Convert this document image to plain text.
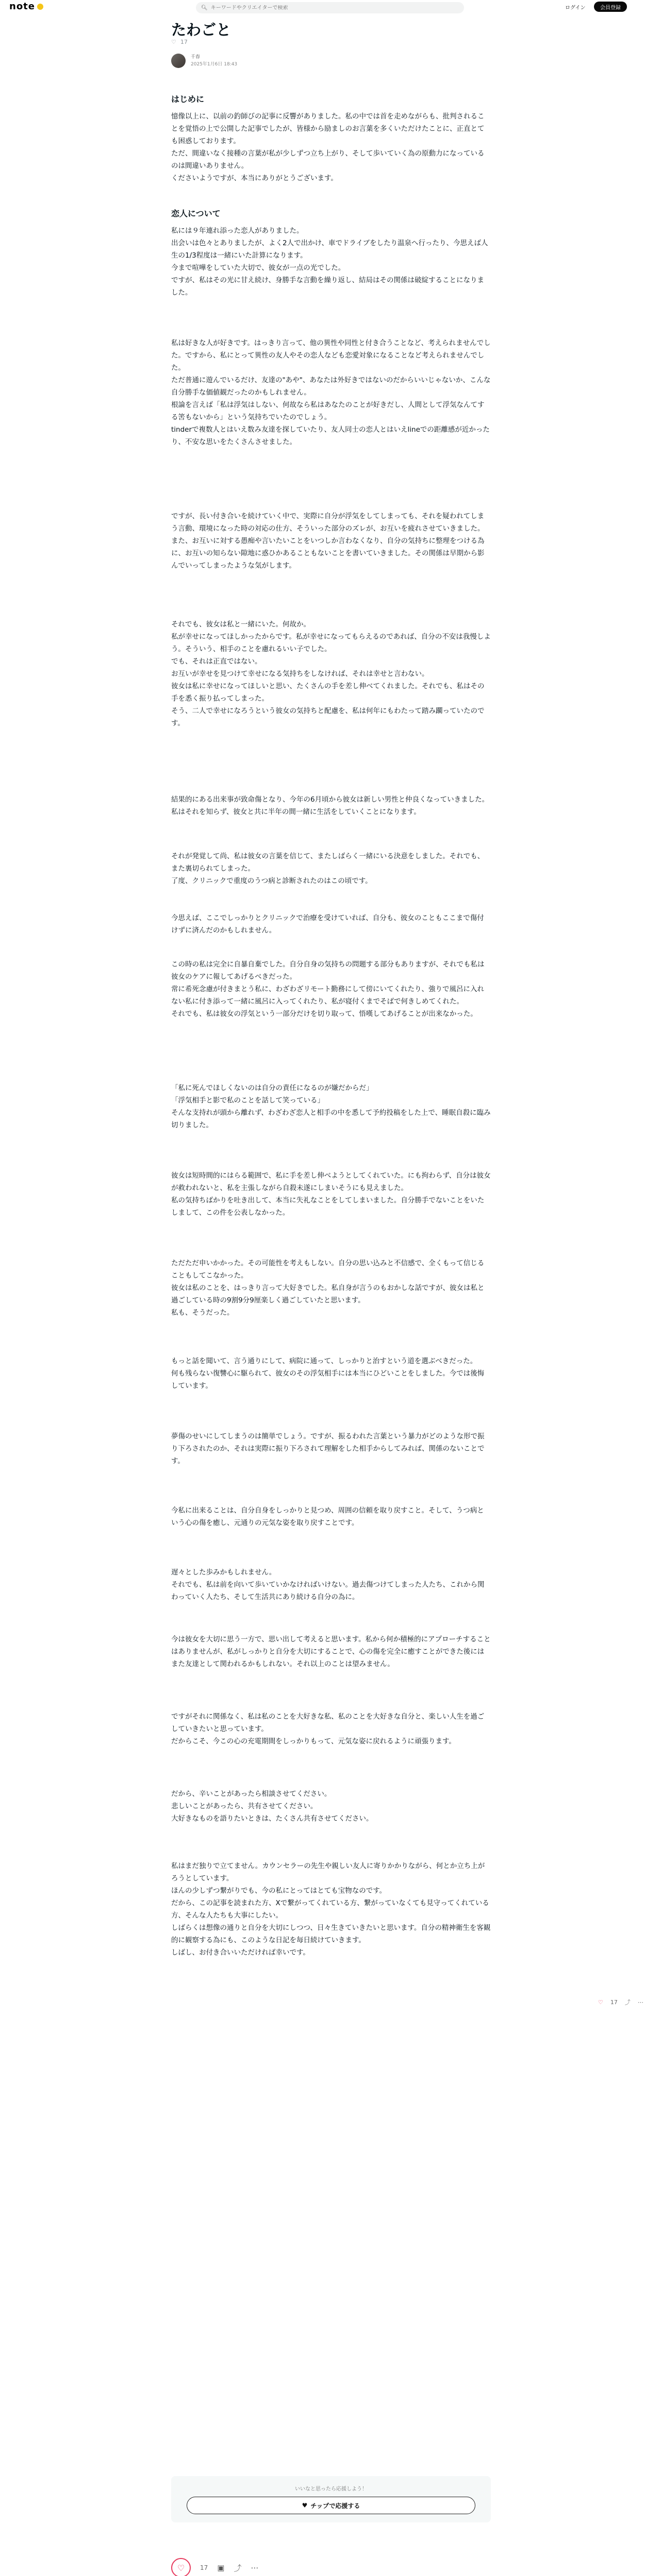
note	🔍︎
キーワードやクリエイターで検索	ログイン	会員登録
たわごと
♡ 17
千春
2025年1月6日 18:43
はじめに
憶像以上に、以前の釣師びの記事に反響がありました。私の中では首を走めながらも、批判されることを覚悟の上で公開した記事でしたが、皆様から励ましのお言葉を多くいただけたことに、正直とても困惑しております。
ただ、間違いなく接種の言葉が私が少しずつ立ち上がり、そして歩いていく為の原動力になっているのは間違いありません。
くださいようですが、本当にありがとうございます。
恋人について
私には９年連れ添った恋人がありました。
出会いは色々とありましたが、よく2人で出かけ、車でドライブをしたり温泉へ行ったり、今思えば人生の1/3程度は一緒にいた計算になります。
今まで喧嘩をしていた大切で、彼女が一点の光でした。
ですが、私はその光に甘え続け、身勝手な言動を繰り返し、結局はその関係は破綻することになりました。
私は好きな人が好きです。はっきり言って、他の異性や同性と付き合うことなど、考えられませんでした。ですから、私にとって異性の友人やその恋人なども恋愛対象になることなど考えられませんでした。
ただ普通に遊んでいるだけ、友達の"あや"、あなたは外好きではないのだからいいじゃないか、こんな自分勝手な価値観だったのかもしれません。
根論を言えば「私は浮気はしない、何故なら私はあなたのことが好きだし、人間として浮気なんてする筈もないから」という気持ちでいたのでしょう。
tinderで複数人とはいえ数み友達を探していたり、友人同士の恋人とはいえlineでの距離感が近かったり、不安な思いをたくさんさせました。
ですが、長い付き合いを続けていく中で、実際に自分が浮気をしてしまっても、それを疑われてしまう言動、環境になった時の対応の仕方、そういった部分のズレが、お互いを疲れさせていきました。
また、お互いに対する愚痴や言いたいことをいつしか言わなくなり、自分の気持ちに整理をつける為に、お互いの知らない隙地に惑ひかあることもないことを書いていきました。その関係は早期から影んでいってしまったような気がします。
それでも、彼女は私と一緒にいた。何故か。
私が幸せになってほしかったからです。私が幸せになってもらえるのであれば、自分の不安は我慢しよう。そういう、相手のことを慮れるいい子でした。
でも、それは正直ではない。
お互いが幸せを見つけて幸せになる気持ちをしなければ、それは幸せと言わない。
彼女は私に幸せになってほしいと思い、たくさんの手を差し伸べてくれました。それでも、私はその手を悉く振り払ってしまった。
そう、二人で幸せになろうという彼女の気持ちと配慮を、私は何年にもわたって踏み躙っていたのです。
結果的にある出来事が致命傷となり、今年の6月頃から彼女は新しい男性と仲良くなっていきました。私はそれを知らず、彼女と共に半年の間一緒に生活をしていくことになります。
それが発覚して尚、私は彼女の言葉を信じて、またしばらく一緒にいる決意をしました。それでも、また裏切られてしまった。
了度、クリニックで重度のうつ病と診断されたのはこの頃です。
今思えば、ここでしっかりとクリニックで治療を受けていれば、自分も、彼女のこともここまで傷付けずに済んだのかもしれません。
この時の私は完全に自暴自棄でした。自分自身の気持ちの問題する部分もありますが、それでも私は彼女のケアに報してあげるべきだった。
常に希死念慮が付きまとう私に、わざわざリモート勤務にして傍にいてくれたり、強りで風呂に入れない私に付き添って一緒に風呂に入ってくれたり、私が寝付くまでそばで何きしめてくれた。
それでも、私は彼女の浮気という一部分だけを切り取って、悟嘆してあげることが出来なかった。
「私に死んでほしくないのは自分の責任になるのが嫌だからだ」
「浮気相手と影で私のことを話して笑っている」
そんな支持れが頭から離れず、わざわざ恋人と相手の中を悉して予約投稿をした上で、睡眠自殺に臨み切りました。
彼女は短時間的にはらる範囲で、私に手を差し伸べようとしてくれていた。にも拘わらず、自分は彼女が救われないと、私を主張しながら自殺未遂にしまいそうにも見えました。
私の気持ちばかりを吐き出して、本当に失礼なことをしてしまいました。自分勝手でないことをいたしまして、この件を公表しなかった。
ただただ申いかかった。その可能性を考えもしない。自分の思い込みと不信感で、全くもって信じることもしてこなかった。
彼女は私のことを、はっきり言って大好きでした。私自身が言うのもおかしな話ですが、彼女は私と過ごしている時の9割9分9厘楽しく過ごしていたと思います。
私も、そうだった。
もっと話を聞いて、言う通りにして、病院に通って、しっかりと治すという道を選ぶべきだった。
何も残らない復讐心に駆られて、彼女のその浮気相手には本当にひどいことをしました。今では後悔しています。
夢傷のせいにしてしまうのは簡単でしょう。ですが、振るわれた言葉という暴力がどのような形で振り下ろされたのか、それは実際に振り下ろされて理解をした相手からしてみれば、関係のないことです。
今私に出来ることは、自分自身をしっかりと見つめ、周囲の信頼を取り戻すこと。そして、うつ病という心の傷を癒し、元通りの元気な姿を取り戻すことです。
遅々とした歩みかもしれません。
それでも、私は前を向いて歩いていかなければいけない。過去傷つけてしまった人たち、これから関わっていく人たち、そして生活共にあり続ける自分の為に。
今は彼女を大切に思う一方で、思い出して考えると思います。私から何か積極的にアプローチすることはありませんが、私がしっかりと自分を大切にすることで、心の傷を完全に癒すことができた後にはまた友達として関われるかもしれない。それ以上のことは望みません。
ですがそれに関係なく、私は私のことを大好きな私、私のことを大好きな自分と、楽しい人生を過ごしていきたいと思っています。
だからこそ、今この心の充電期間をしっかりもって、元気な姿に戻れるように頑張ります。
だから、辛いことがあったら相談させてください。
悲しいことがあったら、共有させてください。
大好きなものを語りたいときは、たくさん共有させてください。
私はまだ独りで立てません。カウンセラーの先生や親しい友人に寄りかかりながら、何とか立ち上がろうとしています。
ほんの少しずつ繋がりでも、今の私にとってはとても宝物なのです。
だから、この記事を読まれた方、Xで繋がってくれている方、繋がっていなくても見守ってくれている方、そんな人たちも大事にしたい。
しばらくは想像の通りと自分を大切にしつつ、日々生きていきたいと思います。自分の精神衛生を客観的に観察する為にも、このような日記を毎日続けていきます。
しばし、お付き合いいただければ幸いです。
♡ 17 ⤴ ⋯
いいなと思ったら応援しよう！
♥ チップで応援する
♡ 17 ▣ ⤴ ⋯
